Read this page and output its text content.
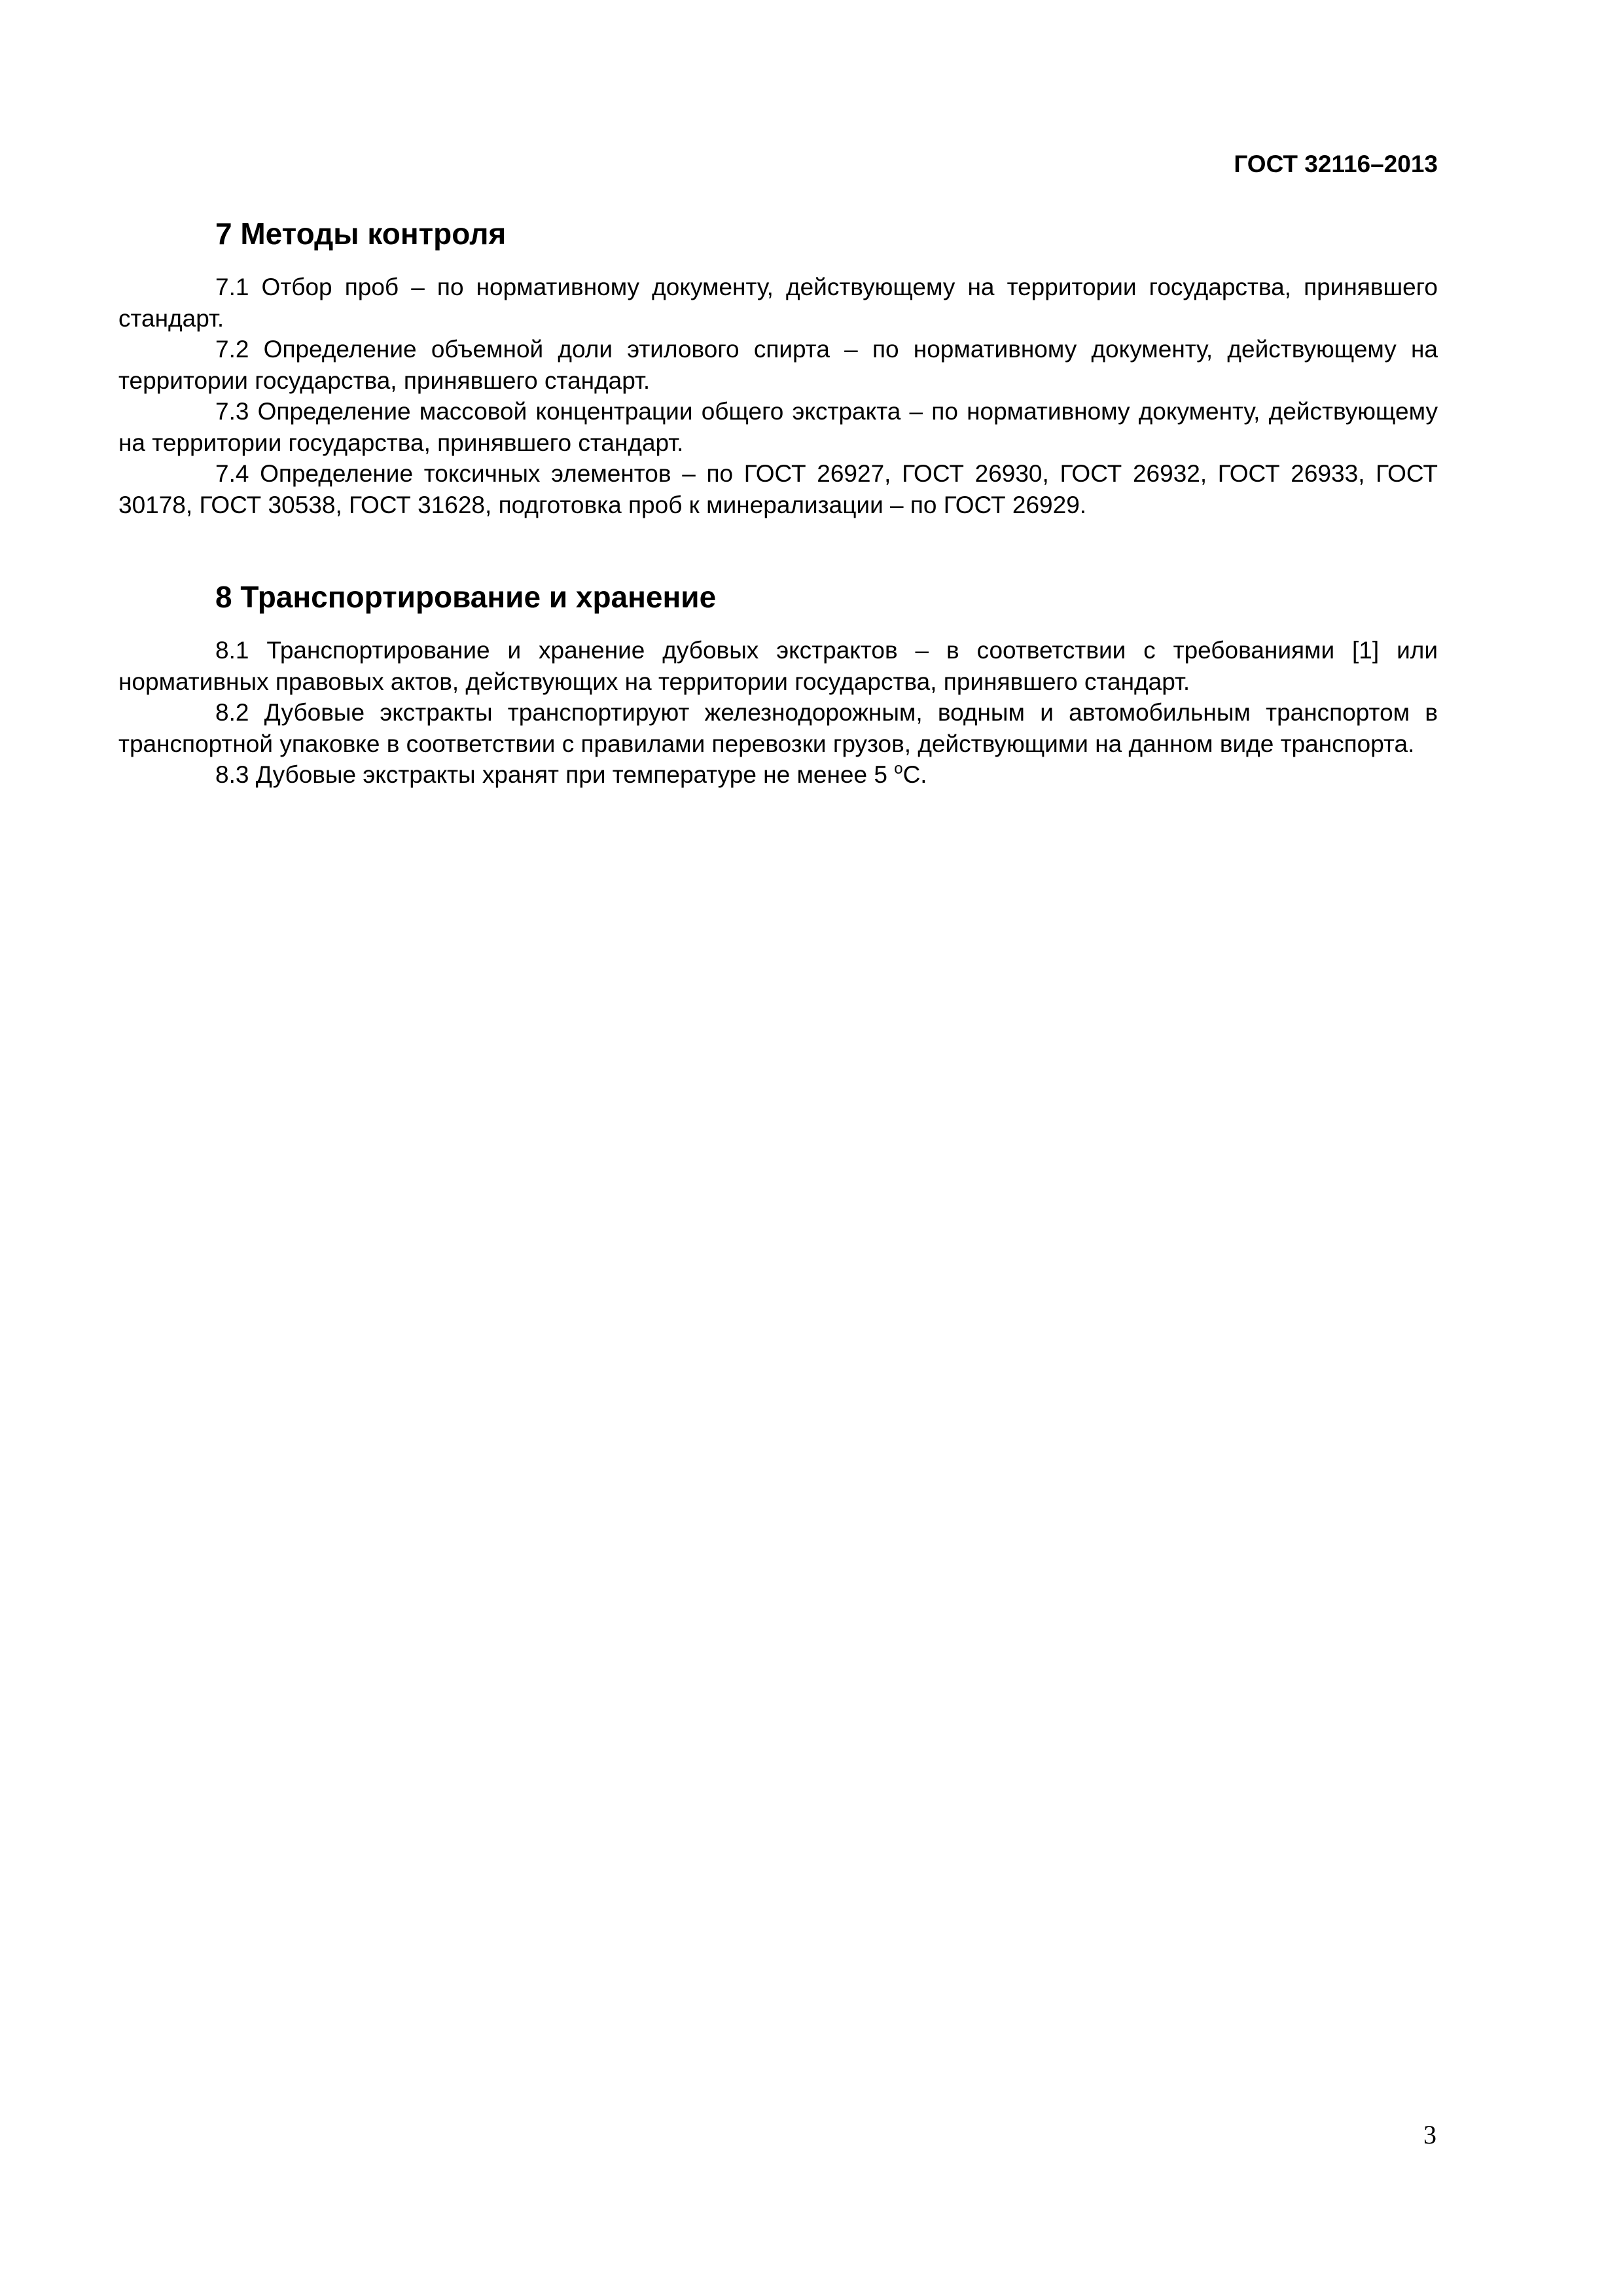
ГОСТ 32116–2013
7 Методы контроля

7.1 Отбор проб – по нормативному документу, действующему на территории государства, принявшего стандарт.

7.2 Определение объемной доли этилового спирта – по нормативному документу, действующему на территории государства, принявшего стандарт.

7.3 Определение массовой концентрации общего экстракта – по нормативному документу, действующему на территории государства, принявшего стандарт.

7.4 Определение токсичных элементов – по ГОСТ 26927, ГОСТ 26930, ГОСТ 26932, ГОСТ 26933, ГОСТ 30178, ГОСТ 30538, ГОСТ 31628, подготовка проб к минерализации – по ГОСТ 26929.

8 Транспортирование и хранение

8.1 Транспортирование и хранение дубовых экстрактов – в соответствии с требованиями [1] или нормативных правовых актов, действующих на территории государства, принявшего стандарт.

8.2 Дубовые экстракты транспортируют железнодорожным, водным и автомобильным транспортом в транспортной упаковке в соответствии с правилами перевозки грузов, действующими на данном виде транспорта.

8.3 Дубовые экстракты хранят при температуре не менее 5 $^o$С.

3
